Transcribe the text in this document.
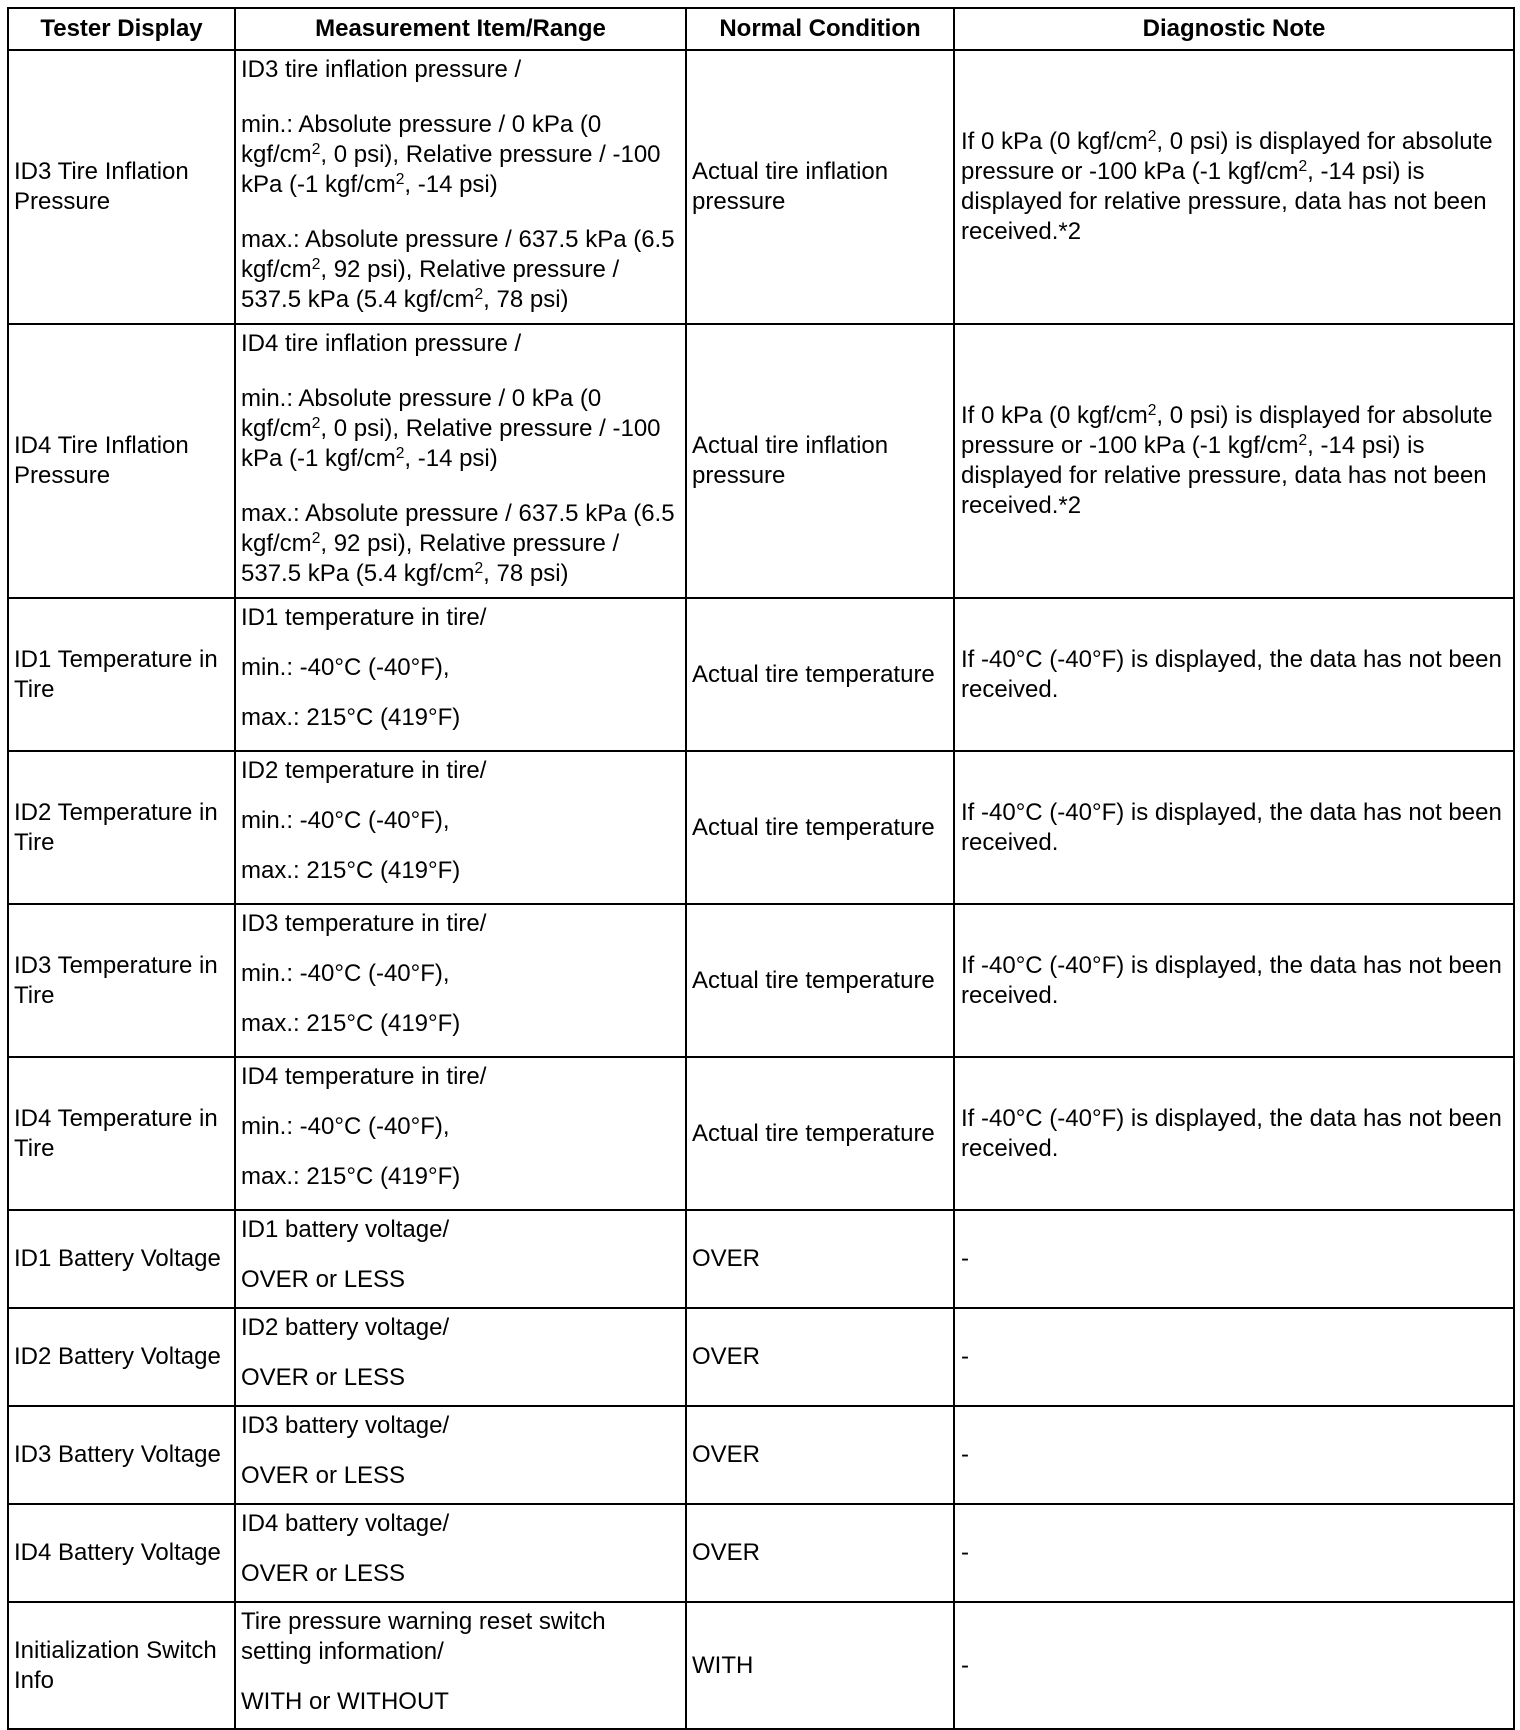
Tester Display	Measurement Item/Range	Normal Condition	Diagnostic Note
ID3 Tire Inflation Pressure	ID3 tire inflation pressure /

min.: Absolute pressure / 0 kPa (0 kgf/$cm^2$, 0 psi), Relative pressure / -100 kPa (-1 kgf/$cm^2$, -14 psi)

max.: Absolute pressure / 637.5 kPa (6.5 kgf/$cm^2$, 92 psi), Relative pressure / 537.5 kPa (5.4 kgf/$cm^2$, 78 psi)	Actual tire inflation pressure	If 0 kPa (0 kgf/$cm^2$, 0 psi) is displayed for absolute pressure or -100 kPa (-1 kgf/$cm^2$, -14 psi) is displayed for relative pressure, data has not been received.*2
ID4 Tire Inflation Pressure	ID4 tire inflation pressure /

min.: Absolute pressure / 0 kPa (0 kgf/$cm^2$, 0 psi), Relative pressure / -100 kPa (-1 kgf/$cm^2$, -14 psi)

max.: Absolute pressure / 637.5 kPa (6.5 kgf/$cm^2$, 92 psi), Relative pressure / 537.5 kPa (5.4 kgf/$cm^2$, 78 psi)	Actual tire inflation pressure	If 0 kPa (0 kgf/$cm^2$, 0 psi) is displayed for absolute pressure or -100 kPa (-1 kgf/$cm^2$, -14 psi) is displayed for relative pressure, data has not been received.*2
ID1 Temperature in Tire	ID1 temperature in tire/

min.: -40°C (-40°F),

max.: 215°C (419°F)	Actual tire temperature	If -40°C (-40°F) is displayed, the data has not been received.
ID2 Temperature in Tire	ID2 temperature in tire/

min.: -40°C (-40°F),

max.: 215°C (419°F)	Actual tire temperature	If -40°C (-40°F) is displayed, the data has not been received.
ID3 Temperature in Tire	ID3 temperature in tire/

min.: -40°C (-40°F),

max.: 215°C (419°F)	Actual tire temperature	If -40°C (-40°F) is displayed, the data has not been received.
ID4 Temperature in Tire	ID4 temperature in tire/

min.: -40°C (-40°F),

max.: 215°C (419°F)	Actual tire temperature	If -40°C (-40°F) is displayed, the data has not been received.
ID1 Battery Voltage	ID1 battery voltage/

OVER or LESS	OVER	-
ID2 Battery Voltage	ID2 battery voltage/

OVER or LESS	OVER	-
ID3 Battery Voltage	ID3 battery voltage/

OVER or LESS	OVER	-
ID4 Battery Voltage	ID4 battery voltage/

OVER or LESS	OVER	-
Initialization Switch Info	Tire pressure warning reset switch setting information/

WITH or WITHOUT	WITH	-
